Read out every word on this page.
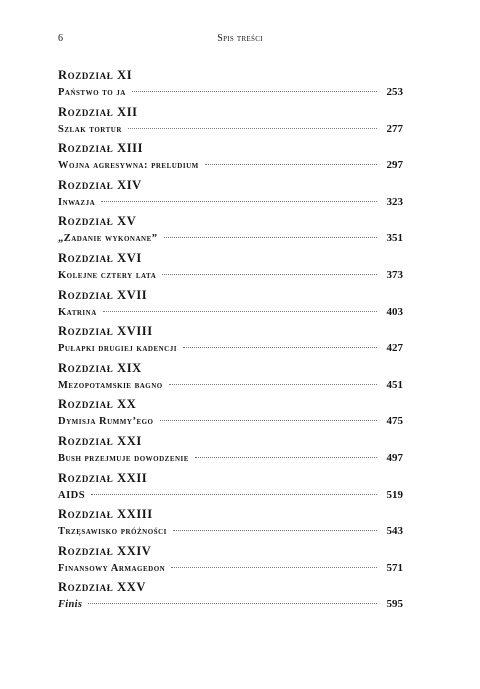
6	Spis treści
Rozdział XI
Państwo to ja	253
Rozdział XII
Szlak tortur	277
Rozdział XIII
Wojna agresywna: preludium	297
Rozdział XIV
Inwazja	323
Rozdział XV
„Zadanie wykonane”	351
Rozdział XVI
Kolejne cztery lata	373
Rozdział XVII
Katrina	403
Rozdział XVIII
Pułapki drugiej kadencji	427
Rozdział XIX
Mezopotamskie bagno	451
Rozdział XX
Dymisja Rummy’ego	475
Rozdział XXI
Bush przejmuje dowodzenie	497
Rozdział XXII
AIDS	519
Rozdział XXIII
Trzęsawisko próżności	543
Rozdział XXIV
Finansowy Armagedon	571
Rozdział XXV
Finis	595
